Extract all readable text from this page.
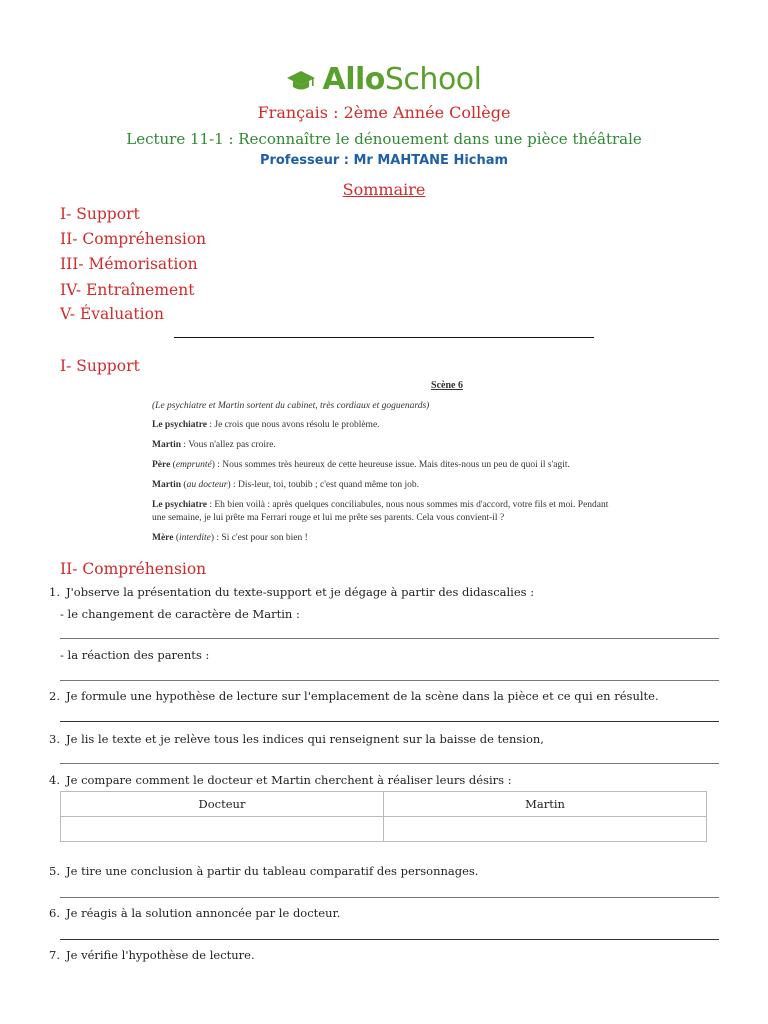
AlloSchool
Français : 2ème Année Collège
Lecture 11-1 : Reconnaître le dénouement dans une pièce théâtrale
Professeur : Mr MAHTANE Hicham
Sommaire
I- Support
II- Compréhension
III- Mémorisation
IV- Entraînement
V- Évaluation
I- Support
Scène 6

(Le psychiatre et Martin sortent du cabinet, très cordiaux et goguenards)

Le psychiatre : Je crois que nous avons résolu le problème.

Martin : Vous n'allez pas croire.

Père (emprunté) : Nous sommes très heureux de cette heureuse issue. Mais dites-nous un peu de quoi il s'agit.

Martin (au docteur) : Dis-leur, toi, toubib ; c'est quand même ton job.

Le psychiatre : Eh bien voilà : après quelques conciliabules, nous nous sommes mis d'accord, votre fils et moi. Pendant une semaine, je lui prête ma Ferrari rouge et lui me prête ses parents. Cela vous convient-il ?

Mère (interdite) : Si c'est pour son bien !

II- Compréhension
1. J'observe la présentation du texte-support et je dégage à partir des didascalies :
- le changement de caractère de Martin :
- la réaction des parents :
2. Je formule une hypothèse de lecture sur l'emplacement de la scène dans la pièce et ce qui en résulte.
3. Je lis le texte et je relève tous les indices qui renseignent sur la baisse de tension,
4. Je compare comment le docteur et Martin cherchent à réaliser leurs désirs :
Docteur	Martin

5. Je tire une conclusion à partir du tableau comparatif des personnages.
6. Je réagis à la solution annoncée par le docteur.
7. Je vérifie l'hypothèse de lecture.
